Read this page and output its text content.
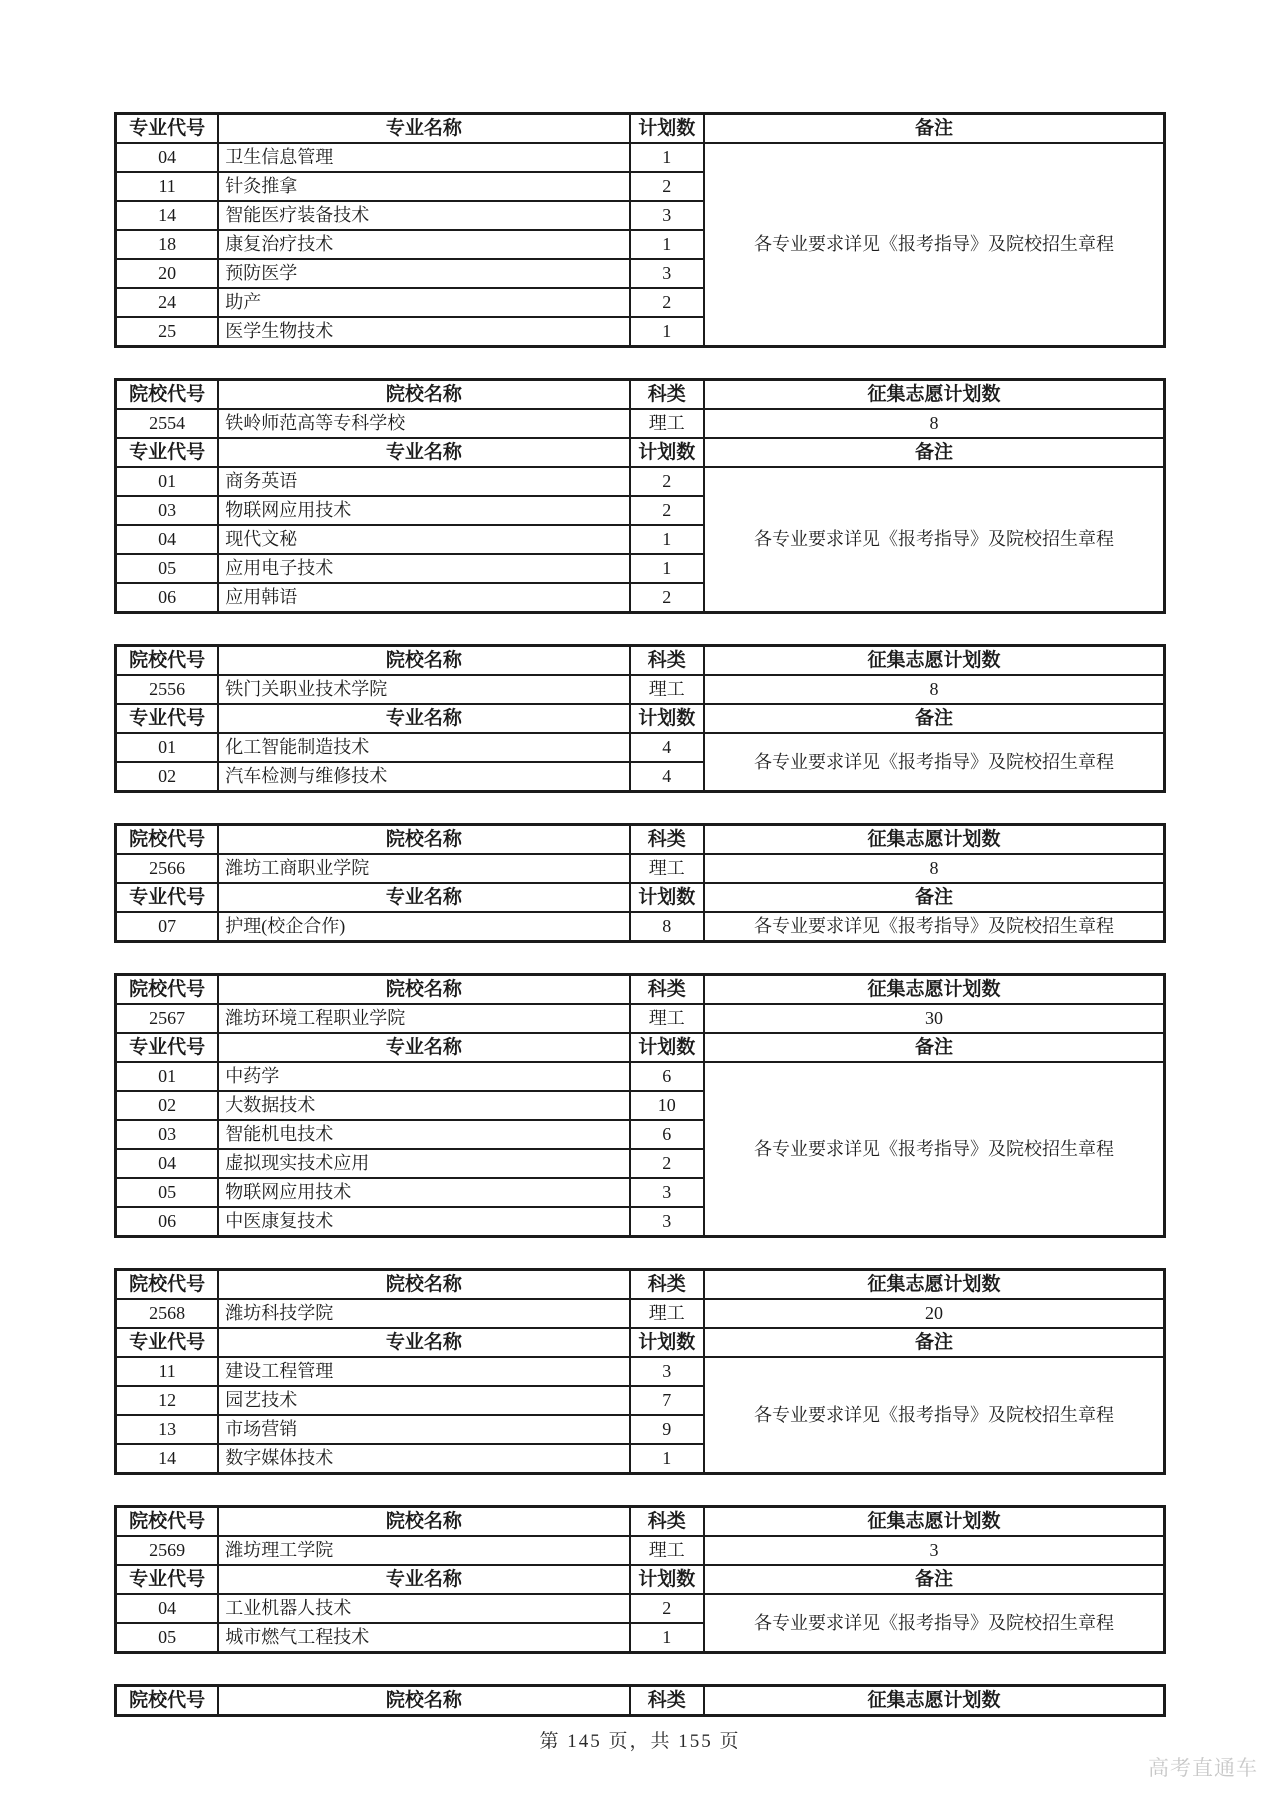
专业代号	专业名称	计划数	备注
04	卫生信息管理	1	各专业要求详见《报考指导》及院校招生章程
11	针灸推拿	2	
14	智能医疗装备技术	3	
18	康复治疗技术	1	
20	预防医学	3	
24	助产	2	
25	医学生物技术	1	
院校代号	院校名称	科类	征集志愿计划数
2554	铁岭师范高等专科学校	理工	8
专业代号	专业名称	计划数	备注
01	商务英语	2	各专业要求详见《报考指导》及院校招生章程
03	物联网应用技术	2	
04	现代文秘	1	
05	应用电子技术	1	
06	应用韩语	2	
院校代号	院校名称	科类	征集志愿计划数
2556	铁门关职业技术学院	理工	8
专业代号	专业名称	计划数	备注
01	化工智能制造技术	4	各专业要求详见《报考指导》及院校招生章程
02	汽车检测与维修技术	4	
院校代号	院校名称	科类	征集志愿计划数
2566	潍坊工商职业学院	理工	8
专业代号	专业名称	计划数	备注
07	护理(校企合作)	8	各专业要求详见《报考指导》及院校招生章程
院校代号	院校名称	科类	征集志愿计划数
2567	潍坊环境工程职业学院	理工	30
专业代号	专业名称	计划数	备注
01	中药学	6	各专业要求详见《报考指导》及院校招生章程
02	大数据技术	10	
03	智能机电技术	6	
04	虚拟现实技术应用	2	
05	物联网应用技术	3	
06	中医康复技术	3	
院校代号	院校名称	科类	征集志愿计划数
2568	潍坊科技学院	理工	20
专业代号	专业名称	计划数	备注
11	建设工程管理	3	各专业要求详见《报考指导》及院校招生章程
12	园艺技术	7	
13	市场营销	9	
14	数字媒体技术	1	
院校代号	院校名称	科类	征集志愿计划数
2569	潍坊理工学院	理工	3
专业代号	专业名称	计划数	备注
04	工业机器人技术	2	各专业要求详见《报考指导》及院校招生章程
05	城市燃气工程技术	1	
院校代号	院校名称	科类	征集志愿计划数
第 145 页，共 155 页
高考直通车
